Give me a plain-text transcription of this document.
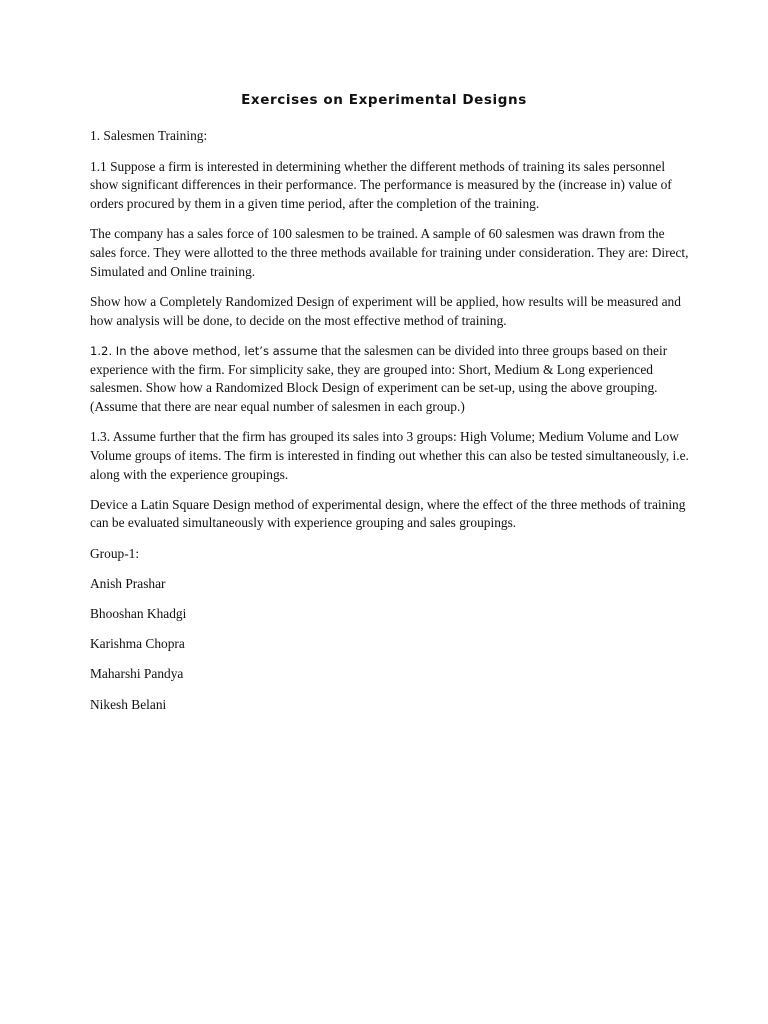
Exercises on Experimental Designs

1. Salesmen Training:

1.1 Suppose a firm is interested in determining whether the different methods of training its sales personnel show significant differences in their performance. The performance is measured by the (increase in) value of orders procured by them in a given time period, after the completion of the training.

The company has a sales force of 100 salesmen to be trained. A sample of 60 salesmen was drawn from the sales force. They were allotted to the three methods available for training under consideration. They are: Direct, Simulated and Online training.

Show how a Completely Randomized Design of experiment will be applied, how results will be measured and how analysis will be done, to decide on the most effective method of training.

1.2. In the above method, let’s assume that the salesmen can be divided into three groups based on their experience with the firm. For simplicity sake, they are grouped into: Short, Medium & Long experienced salesmen. Show how a Randomized Block Design of experiment can be set-up, using the above grouping. (Assume that there are near equal number of salesmen in each group.)

1.3. Assume further that the firm has grouped its sales into 3 groups: High Volume; Medium Volume and Low Volume groups of items. The firm is interested in finding out whether this can also be tested simultaneously, i.e. along with the experience groupings.

Device a Latin Square Design method of experimental design, where the effect of the three methods of training can be evaluated simultaneously with experience grouping and sales groupings.

Group-1:

Anish Prashar

Bhooshan Khadgi

Karishma Chopra

Maharshi Pandya

Nikesh Belani
